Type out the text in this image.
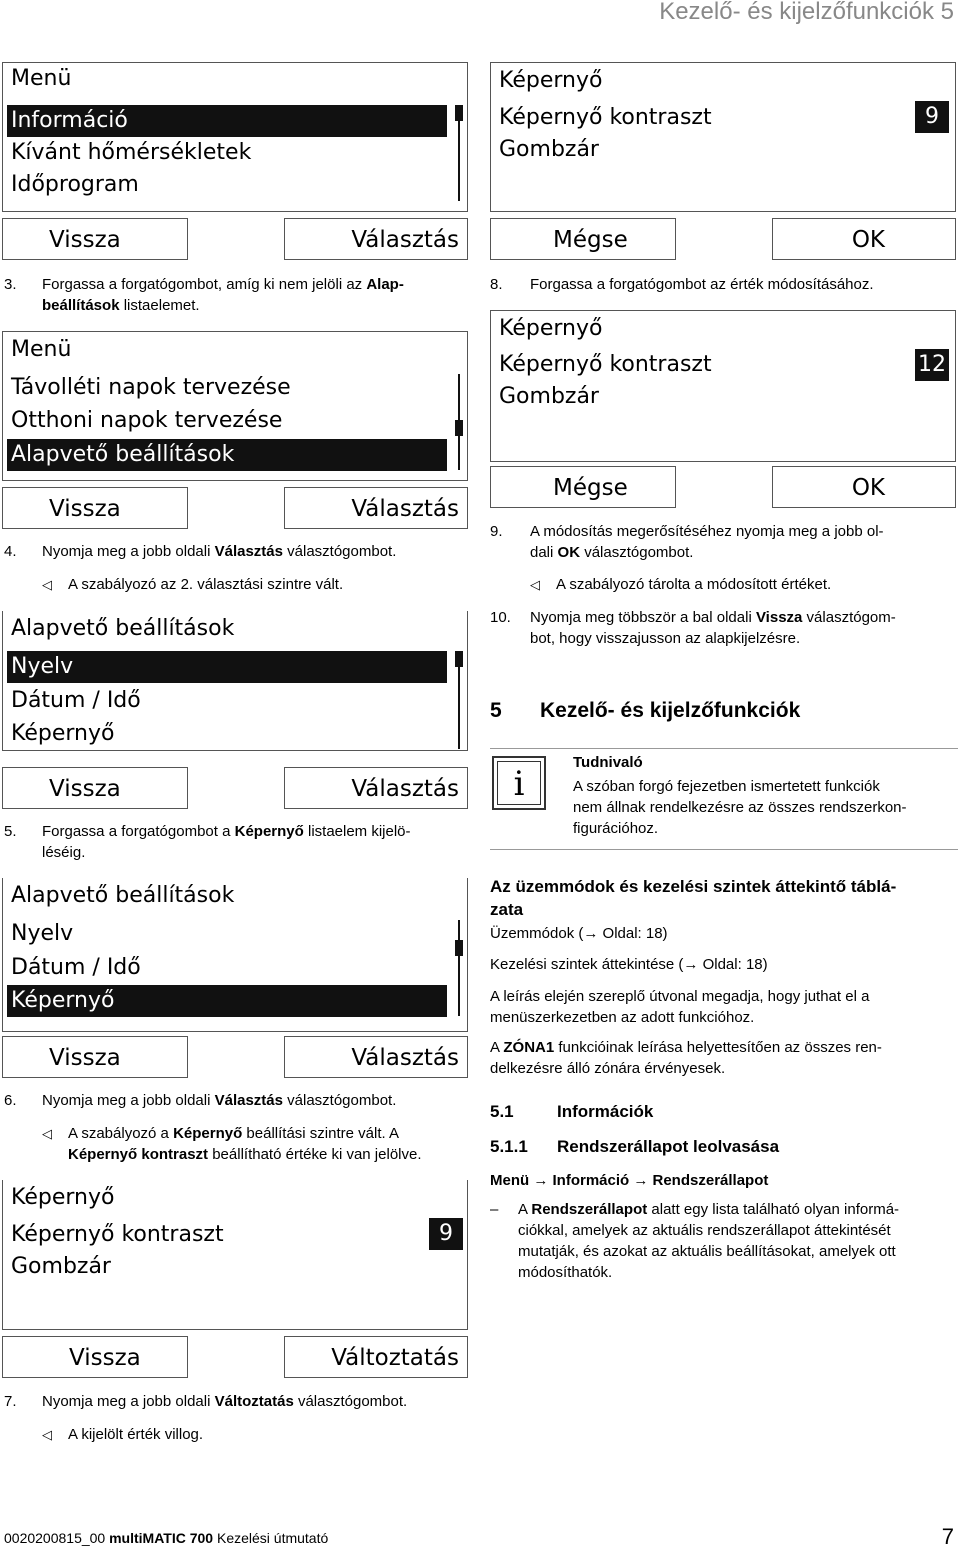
Kezelő- és kijelzőfunkciók 5
Menü
Információ
Kívánt hőmérsékletek
Időprogram
Vissza	Választás
3. Forgassa a forgatógombot, amíg ki nem jelöli az Alap-
beállítások listaelemet.
Menü
Távolléti napok tervezése
Otthoni napok tervezése
Alapvető beállítások
Vissza	Választás
4. Nyomja meg a jobb oldali Választás választógombot.
◁ A szabályozó az 2. választási szintre vált.
Alapvető beállítások
Nyelv
Dátum / Idő
Képernyő
Vissza	Választás
5. Forgassa a forgatógombot a Képernyő listaelem kijelö-
léséig.
Alapvető beállítások
Nyelv
Dátum / Idő
Képernyő
Vissza	Választás
6. Nyomja meg a jobb oldali Választás választógombot.
◁ A szabályozó a Képernyő beállítási szintre vált. A
Képernyő kontraszt beállítható értéke ki van jelölve.
Képernyő
Képernyő kontraszt
Gombzár
9
Vissza	Változtatás
7. Nyomja meg a jobb oldali Változtatás választógombot.
◁ A kijelölt érték villog.
Képernyő
Képernyő kontraszt
Gombzár
9
Mégse	OK
8. Forgassa a forgatógombot az érték módosításához.
Képernyő
Képernyő kontraszt
Gombzár
12
Mégse	OK
9. A módosítás megerősítéséhez nyomja meg a jobb ol-
dali OK választógombot.
◁ A szabályozó tárolta a módosított értéket.
10. Nyomja meg többször a bal oldali Vissza választógom-
bot, hogy visszajusson az alapkijelzésre.
5 Kezelő- és kijelzőfunkciók
i
Tudnivaló
A szóban forgó fejezetben ismertetett funkciók
nem állnak rendelkezésre az összes rendszerkon-
figurációhoz.
Az üzemmódok és kezelési szintek áttekintő táblá-
zata
Üzemmódok (→ Oldal: 18)
Kezelési szintek áttekintése (→ Oldal: 18)
A leírás elején szereplő útvonal megadja, hogy juthat el a
menüszerkezetben az adott funkcióhoz.
A ZÓNA1 funkcióinak leírása helyettesítően az összes ren-
delkezésre álló zónára érvényesek.
5.1	Információk
5.1.1 Rendszerállapot leolvasása
Menü → Információ → Rendszerállapot
– A Rendszerállapot alatt egy lista található olyan informá-
ciókkal, amelyek az aktuális rendszerállapot áttekintését
mutatják, és azokat az aktuális beállításokat, amelyek ott
módosíthatók.
0020200815_00 multiMATIC 700 Kezelési útmutató	7
